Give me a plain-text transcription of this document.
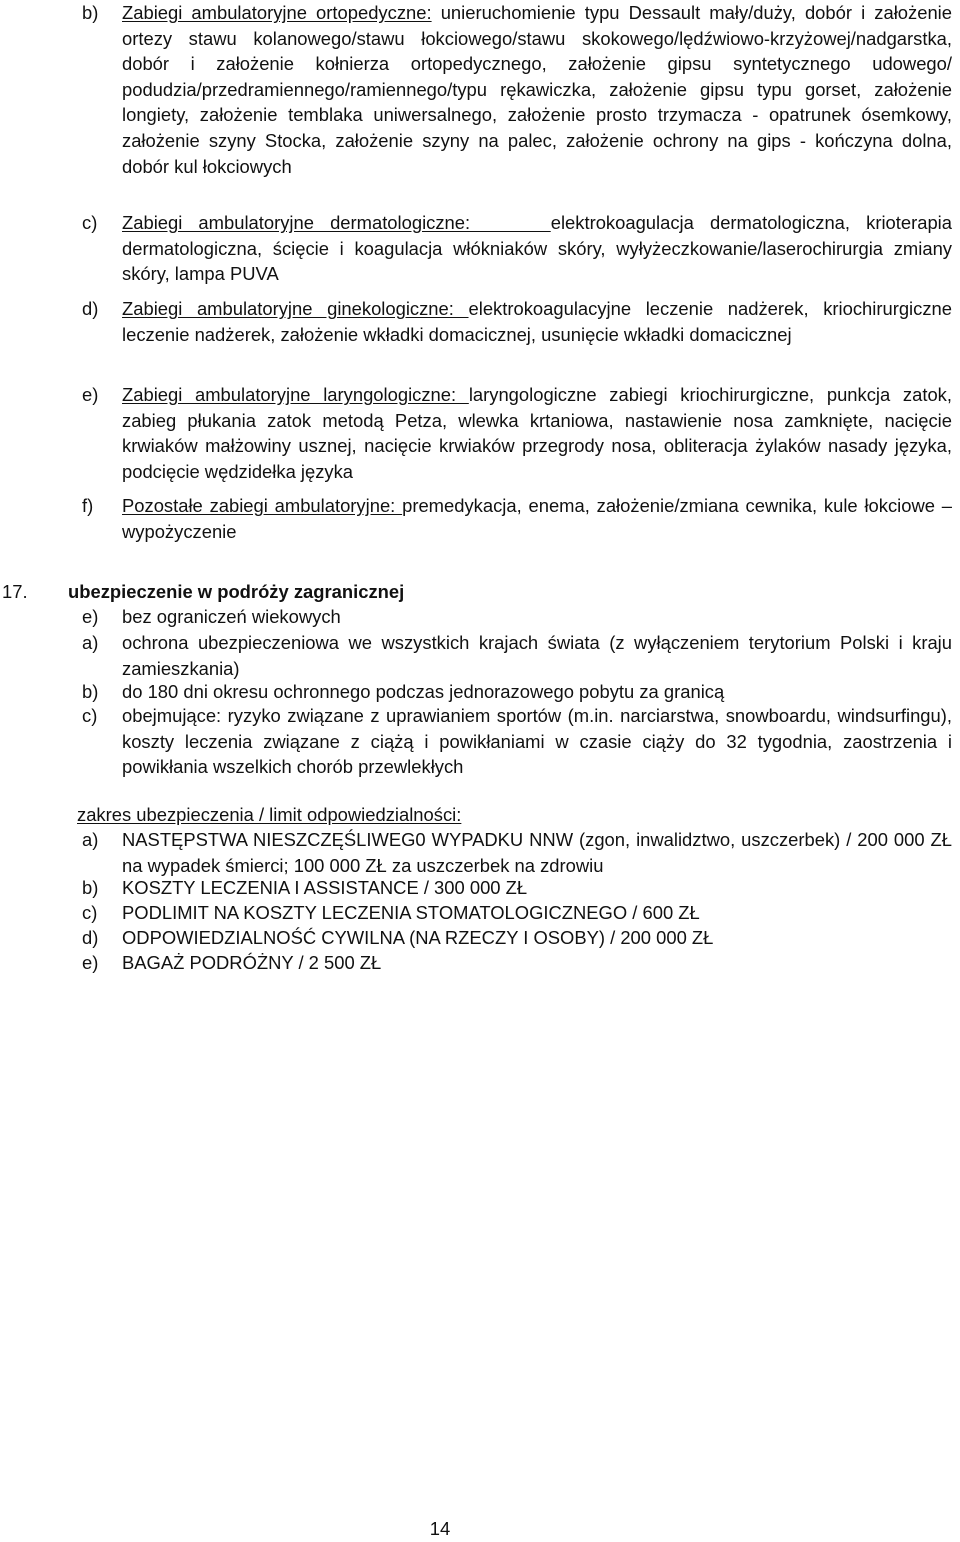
b) Zabiegi ambulatoryjne ortopedyczne: unieruchomienie typu Dessault mały/duży, dobór i założenie ortezy stawu kolanowego/stawu łokciowego/stawu skokowego/lędźwiowo-krzyżowej/nadgarstka, dobór i założenie kołnierza ortopedycznego, założenie gipsu syntetycznego udowego/ podudzia/przedramiennego/ramiennego/typu rękawiczka, założenie gipsu typu gorset, założenie longiety, założenie temblaka uniwersalnego, założenie prosto trzymacza - opatrunek ósemkowy, założenie szyny Stocka, założenie szyny na palec, założenie ochrony na gips - kończyna dolna, dobór kul łokciowych
c) Zabiegi ambulatoryjne dermatologiczne:     elektrokoagulacja dermatologiczna, krioterapia dermatologiczna, ścięcie i koagulacja włókniaków skóry, wyłyżeczkowanie/laserochirurgia zmiany skóry, lampa PUVA
d) Zabiegi ambulatoryjne ginekologiczne: elektrokoagulacyjne leczenie nadżerek, kriochirurgiczne leczenie nadżerek, założenie wkładki domacicznej, usunięcie wkładki domacicznej
e) Zabiegi ambulatoryjne laryngologiczne: laryngologiczne zabiegi kriochirurgiczne, punkcja zatok, zabieg płukania zatok metodą Petza, wlewka krtaniowa, nastawienie nosa zamknięte, nacięcie krwiaków małżowiny usznej, nacięcie krwiaków przegrody nosa, obliteracja żylaków nasady języka, podcięcie wędzidełka języka
f) Pozostałe zabiegi ambulatoryjne: premedykacja, enema, założenie/zmiana cewnika, kule łokciowe – wypożyczenie
17. ubezpieczenie w podróży zagranicznej
e) bez ograniczeń wiekowych
a) ochrona ubezpieczeniowa we wszystkich krajach świata (z wyłączeniem terytorium Polski i kraju zamieszkania)
b) do 180 dni okresu ochronnego podczas jednorazowego pobytu za granicą
c) obejmujące: ryzyko związane z uprawianiem sportów (m.in. narciarstwa, snowboardu, windsurfingu), koszty leczenia związane z ciążą i powikłaniami w czasie ciąży do 32 tygodnia, zaostrzenia i powikłania wszelkich chorób przewlekłych
zakres ubezpieczenia / limit odpowiedzialności:
a) NASTĘPSTWA NIESZCZĘŚLIWEG0 WYPADKU NNW (zgon, inwalidztwo, uszczerbek) / 200 000 ZŁ na wypadek śmierci; 100 000 ZŁ za uszczerbek na zdrowiu
b) KOSZTY LECZENIA I ASSISTANCE / 300 000 ZŁ
c) PODLIMIT NA KOSZTY LECZENIA STOMATOLOGICZNEGO / 600 ZŁ
d) ODPOWIEDZIALNOŚĆ CYWILNA (NA RZECZY I OSOBY) / 200 000 ZŁ
e) BAGAŻ PODRÓŻNY / 2 500 ZŁ
14
